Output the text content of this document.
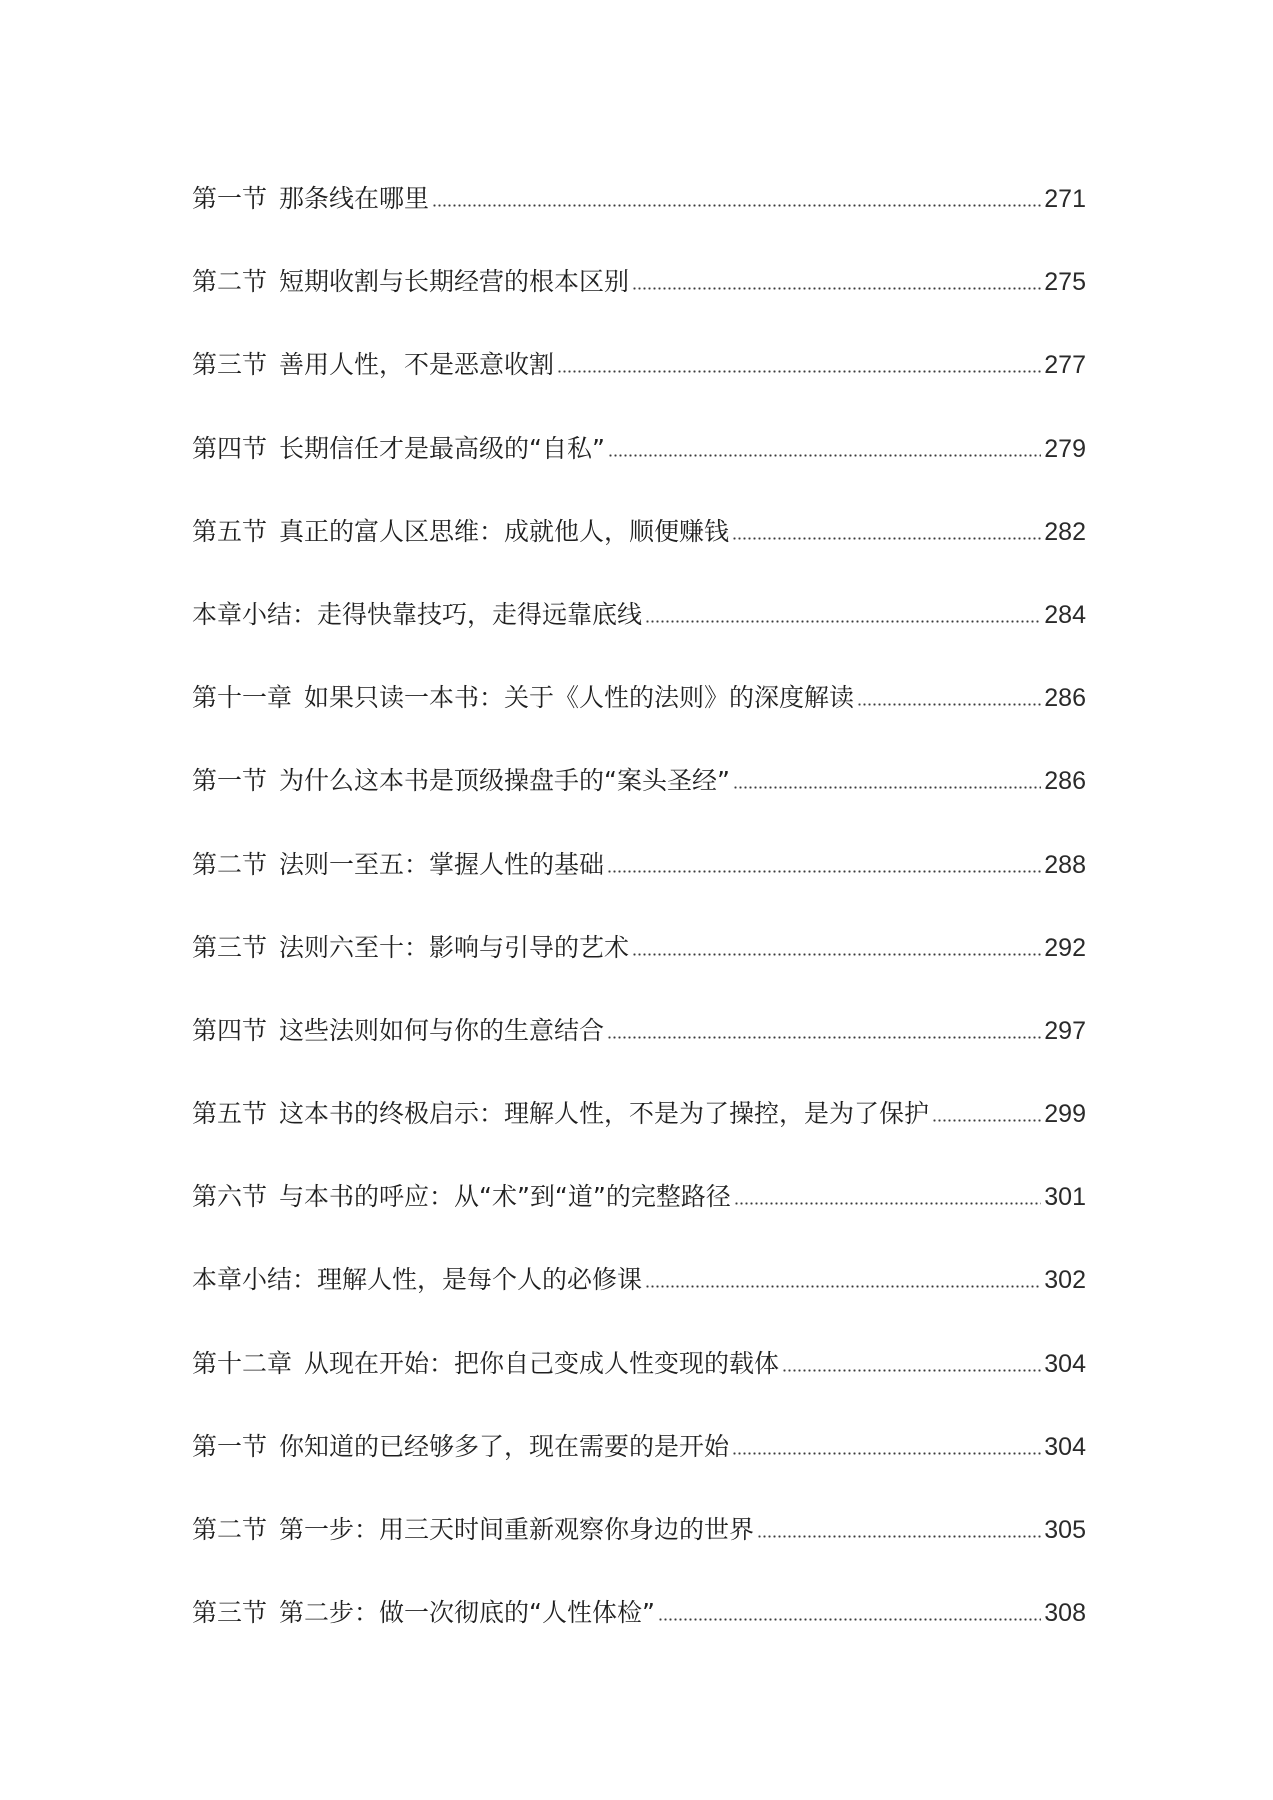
第一节 那条线在哪里	271
第二节 短期收割与长期经营的根本区别	275
第三节 善用人性，不是恶意收割	277
第四节 长期信任才是最高级的“自私”	279
第五节 真正的富人区思维：成就他人，顺便赚钱	282
本章小结：走得快靠技巧，走得远靠底线	284
第十一章 如果只读一本书：关于《人性的法则》的深度解读	286
第一节 为什么这本书是顶级操盘手的“案头圣经”	286
第二节 法则一至五：掌握人性的基础	288
第三节 法则六至十：影响与引导的艺术	292
第四节 这些法则如何与你的生意结合	297
第五节 这本书的终极启示：理解人性，不是为了操控，是为了保护	299
第六节 与本书的呼应：从“术”到“道”的完整路径	301
本章小结：理解人性，是每个人的必修课	302
第十二章 从现在开始：把你自己变成人性变现的载体	304
第一节 你知道的已经够多了，现在需要的是开始	304
第二节 第一步：用三天时间重新观察你身边的世界	305
第三节 第二步：做一次彻底的“人性体检”	308
